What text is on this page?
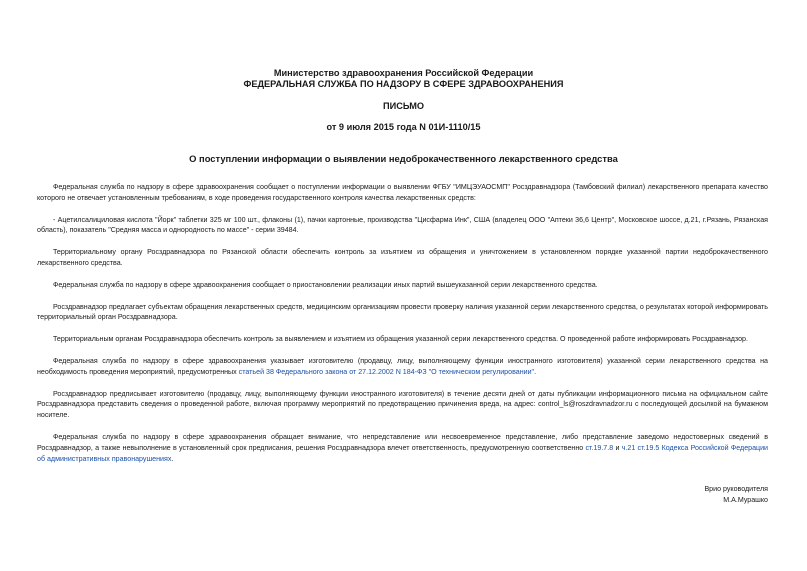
Министерство здравоохранения Российской Федерации
ФЕДЕРАЛЬНАЯ СЛУЖБА ПО НАДЗОРУ В СФЕРЕ ЗДРАВООХРАНЕНИЯ
ПИСЬМО
от 9 июля 2015 года N 01И-1110/15
О поступлении информации о выявлении недоброкачественного лекарственного средства

Федеральная служба по надзору в сфере здравоохранения сообщает о поступлении информации о выявлении ФГБУ "ИМЦЭУАОСМП" Росздравнадзора (Тамбовский филиал) лекарственного препарата качество которого не отвечает установленным требованиям, в ходе проведения государственного контроля качества лекарственных средств:

- Ацетилсалициловая кислота "Йорк" таблетки 325 мг 100 шт., флаконы (1), пачки картонные, производства "Цисфарма Инк", США (владелец ООО "Аптеки 36,6 Центр", Московское шоссе, д.21, г.Рязань, Рязанская область), показатель "Средняя масса и однородность по массе" - серии 39484.

Территориальному органу Росздравнадзора по Рязанской области обеспечить контроль за изъятием из обращения и уничтожением в установленном порядке указанной партии недоброкачественного лекарственного средства.

Федеральная служба по надзору в сфере здравоохранения сообщает о приостановлении реализации иных партий вышеуказанной серии лекарственного средства.

Росздравнадзор предлагает субъектам обращения лекарственных средств, медицинским организациям провести проверку наличия указанной серии лекарственного средства, о результатах которой информировать территориальный орган Росздравнадзора.

Территориальным органам Росздравнадзора обеспечить контроль за выявлением и изъятием из обращения указанной серии лекарственного средства. О проведенной работе информировать Росздравнадзор.

Федеральная служба по надзору в сфере здравоохранения указывает изготовителю (продавцу, лицу, выполняющему функции иностранного изготовителя) указанной серии лекарственного средства на необходимость проведения мероприятий, предусмотренных статьей 38 Федерального закона от 27.12.2002 N 184-ФЗ "О техническом регулировании".

Росздравнадзор предписывает изготовителю (продавцу, лицу, выполняющему функции иностранного изготовителя) в течение десяти дней от даты публикации информационного письма на официальном сайте Росздравнадзора представить сведения о проведенной работе, включая программу мероприятий по предотвращению причинения вреда, на адрес: control_ls@roszdravnadzor.ru с последующей досылкой на бумажном носителе.

Федеральная служба по надзору в сфере здравоохранения обращает внимание, что непредставление или несвоевременное представление, либо представление заведомо недостоверных сведений в Росздравнадзор, а также невыполнение в установленный срок предписания, решения Росздравнадзора влечет ответственность, предусмотренную соответственно ст.19.7.8 и ч.21 ст.19.5 Кодекса Российской Федерации об административных правонарушениях.

Врио руководителя
М.А.Мурашко
